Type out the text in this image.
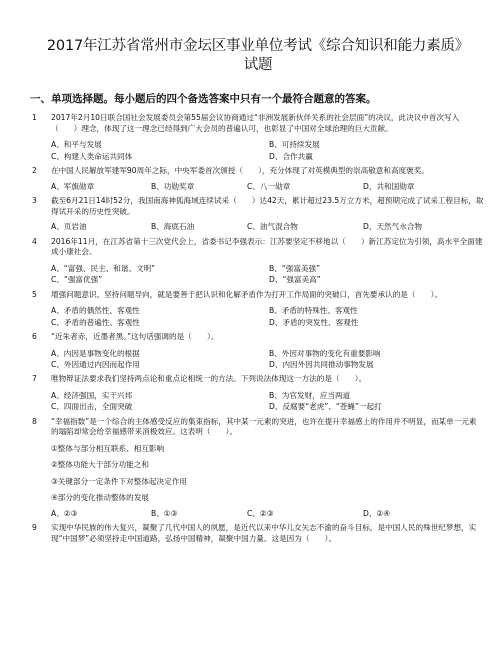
2017年江苏省常州市金坛区事业单位考试《综合知识和能力素质》
试题
一、单项选择题。每小题后的四个备选答案中只有一个最符合题意的答案。
1	2017年2月10日联合国社会发展委员会第55届会议协商通过“非洲发展新伙伴关系的社会层面”的决议，此决议中首次写入（　　）理念，体现了这一理念已经得到广大会员的普遍认可，也彰显了中国对全球治理的巨大贡献。
A、和平与发展	B、可持续发展
C、构建人类命运共同体	D、合作共赢
2	在中国人民解放军建军90周年之际，中央军委首次颁授（　　），充分体现了对英模典型的崇高敬意和高度褒奖。
A、军旗勋章	B、功勋奖章	C、八一勋章	D、共和国勋章
3	截至6月21日14时52分，我国南海神狐海域连续试采（　　）达42天，累计超过23.5万立方米，超预期完成了试采工程目标，取得试开采的历史性突破。
A、页岩油	B、海底石油	C、油气混合物	D、天然气水合物
4	2016年11月，在江苏省第十三次党代会上，省委书记李强表示：江苏要坚定不移地以（　　）新江苏定位为引领，高水平全面建成小康社会。
A、“富强、民主、和谐、文明”	B、“强富美强”
C、“强富优强”	D、“强富美高”
5	增强问题意识、坚持问题导向，就是要善于把认识和化解矛盾作为打开工作局面的突破口，首先要承认的是（　　）。
A、矛盾的偶然性、客观性	B、矛盾的特殊性、客观性
C、矛盾的普遍性、客观性	D、矛盾的突发性、客观性
6	“近朱者赤，近墨者黑。”这句话强调的是（　　）。
A、内因是事物变化的根据	B、外因对事物的变化有重要影响
C、外因通过内因而起作用	D、内因外因共同推动事物发展
7	唯物辩证法要求我们坚持两点论和重点论相统一的方法。下列说法体现这一方法的是（　　）。
A、经济强国，实干兴邦	B、为官发财，应当两道
C、四面出击，全面突破	D、反腐要“老虎”、“苍蝇”一起打
8	“幸福指数”是一个综合的主体感受反应的集束指标，其中某一元素的突进，也许在提升幸福感上的作用并不明显，而某单一元素的塌陷却常会给幸福感带来消极效应。这表明（　　）。
①整体与部分相互联系、相互影响
②整体功能大于部分功能之和
③关键部分一定条件下对整体起决定作用
④部分的变化推动整体的发展
A、②③	B、①③	C、②③	D、②④
9	实现中华民族的伟大复兴，凝聚了几代中国人的夙愿，是近代以来中华儿女矢志不渝的奋斗目标，是中国人民的殊世纪梦想，实现“中国梦”必须坚持走中国道路，弘扬中国精神，凝聚中国力量。这是因为（　　）。
